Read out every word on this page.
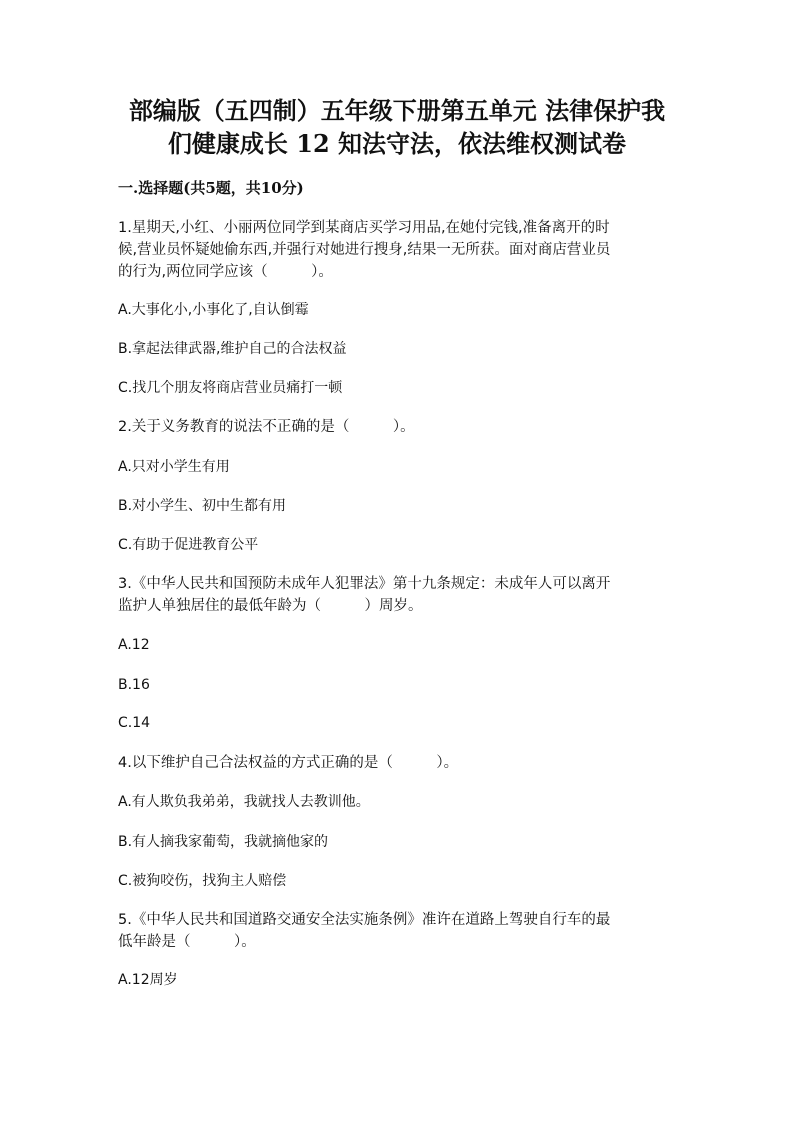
部编版（五四制）五年级下册第五单元 法律保护我
们健康成长 12 知法守法，依法维权测试卷
一.选择题(共5题，共10分)
1.星期天,小红、小丽两位同学到某商店买学习用品,在她付完钱,准备离开的时
候,营业员怀疑她偷东西,并强行对她进行搜身,结果一无所获。面对商店营业员
的行为,两位同学应该（　　　）。
A.大事化小,小事化了,自认倒霉
B.拿起法律武器,维护自己的合法权益
C.找几个朋友将商店营业员痛打一顿
2.关于义务教育的说法不正确的是（　　　）。
A.只对小学生有用
B.对小学生、初中生都有用
C.有助于促进教育公平
3.《中华人民共和国预防未成年人犯罪法》第十九条规定：未成年人可以离开
监护人单独居住的最低年龄为（　　　）周岁。
A.12
B.16
C.14
4.以下维护自己合法权益的方式正确的是（　　　）。
A.有人欺负我弟弟，我就找人去教训他。
B.有人摘我家葡萄，我就摘他家的
C.被狗咬伤，找狗主人赔偿
5.《中华人民共和国道路交通安全法实施条例》准许在道路上驾驶自行车的最
低年龄是（　　　）。
A.12周岁
